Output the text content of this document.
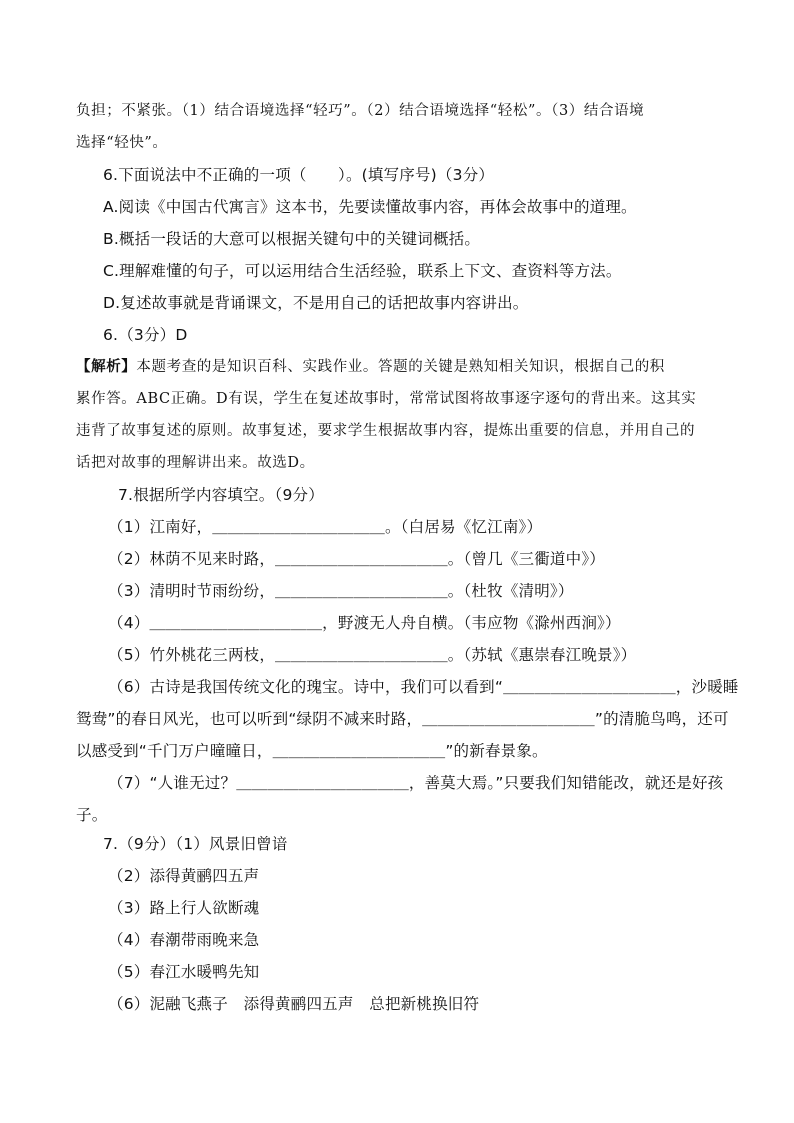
负担；不紧张。（1）结合语境选择“轻巧”。（2）结合语境选择“轻松”。（3）结合语境
选择“轻快”。
6.下面说法中不正确的一项（　　）。(填写序号)（3分）
A.阅读《中国古代寓言》这本书，先要读懂故事内容，再体会故事中的道理。
B.概括一段话的大意可以根据关键句中的关键词概括。
C.理解难懂的句子，可以运用结合生活经验，联系上下文、查资料等方法。
D.复述故事就是背诵课文，不是用自己的话把故事内容讲出。
6.（3分）D
【解析】本题考查的是知识百科、实践作业。答题的关键是熟知相关知识，根据自己的积
累作答。ABC正确。D有误，学生在复述故事时，常常试图将故事逐字逐句的背出来。这其实
违背了故事复述的原则。故事复述，要求学生根据故事内容，提炼出重要的信息，并用自己的
话把对故事的理解讲出来。故选D。
7.根据所学内容填空。（9分）
（1）江南好，＿＿＿＿＿＿＿＿＿＿＿。（白居易《忆江南》）
（2）林荫不见来时路，＿＿＿＿＿＿＿＿＿＿＿。（曾几《三衢道中》）
（3）清明时节雨纷纷，＿＿＿＿＿＿＿＿＿＿＿。（杜牧《清明》）
（4）＿＿＿＿＿＿＿＿＿＿＿，野渡无人舟自横。（韦应物《滁州西涧》）
（5）竹外桃花三两枝，＿＿＿＿＿＿＿＿＿＿＿。（苏轼《惠崇春江晚景》）
（6）古诗是我国传统文化的瑰宝。诗中，我们可以看到“＿＿＿＿＿＿＿＿＿＿＿，沙暖睡
鸳鸯”的春日风光，也可以听到“绿阴不减来时路，＿＿＿＿＿＿＿＿＿＿＿”的清脆鸟鸣，还可
以感受到“千门万户曈曈日，＿＿＿＿＿＿＿＿＿＿＿”的新春景象。
（7）“人谁无过？＿＿＿＿＿＿＿＿＿＿＿，善莫大焉。”只要我们知错能改，就还是好孩
子。
7.（9分）（1）风景旧曾谙
（2）添得黄鹂四五声
（3）路上行人欲断魂
（4）春潮带雨晚来急
（5）春江水暖鸭先知
（6）泥融飞燕子　添得黄鹂四五声　总把新桃换旧符
